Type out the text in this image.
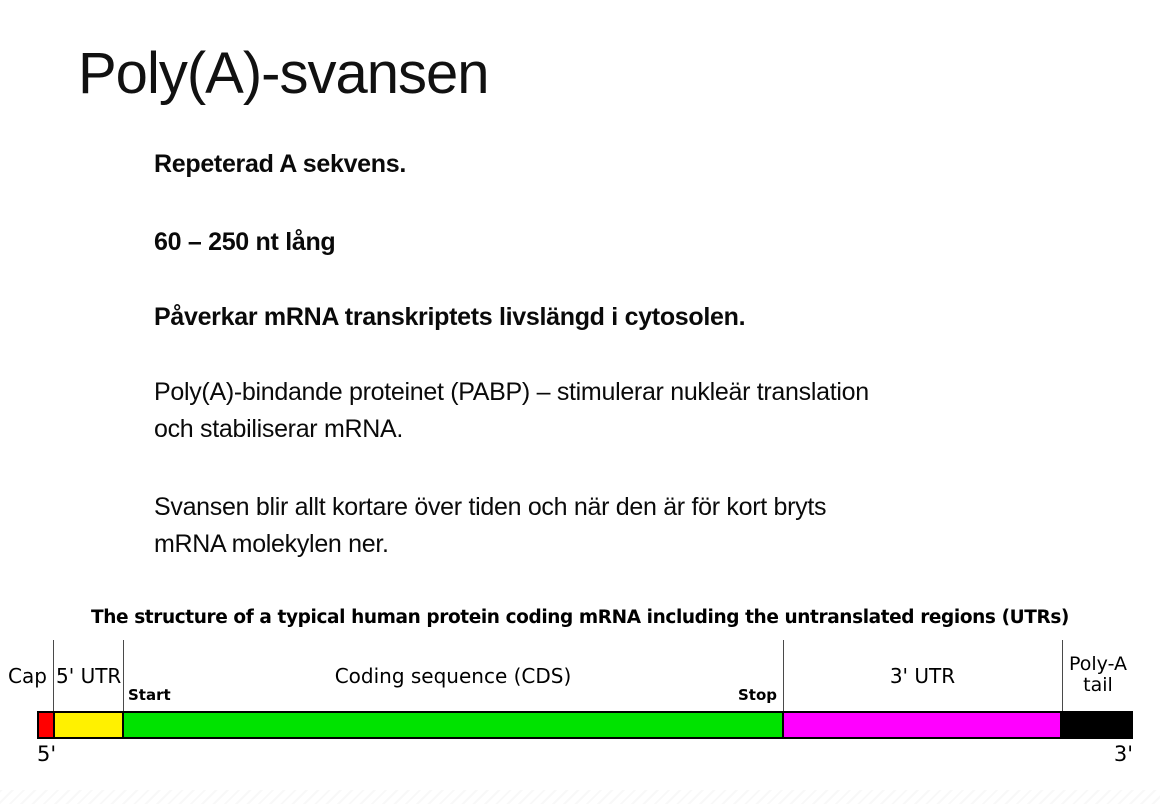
Poly(A)-svansen
Repeterad A sekvens.
60 – 250 nt lång
Påverkar mRNA transkriptets livslängd i cytosolen.
Poly(A)-bindande proteinet (PABP) – stimulerar nukleär translation
och stabiliserar mRNA.
Svansen blir allt kortare över tiden och när den är för kort bryts
mRNA molekylen ner.
The structure of a typical human protein coding mRNA including the untranslated regions (UTRs)
Cap 5' UTR	Coding sequence (CDS)	3' UTR	Poly-A
tail
Start	Stop
5'	3'
